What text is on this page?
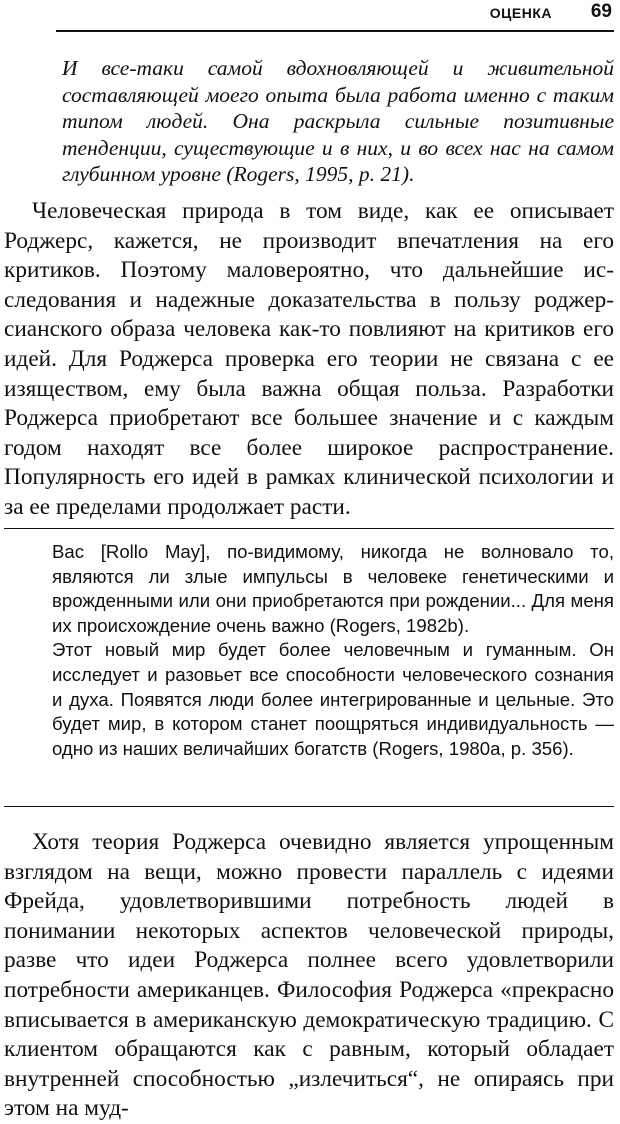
ОЦЕНКА 69

И все-таки самой вдохновляющей и живительной составляющей моего опыта была работа именно с таким типом людей. Она раскрыла сильные позитивные тенденции, существующие и в них, и во всех нас на самом глубинном уровне (Rogers, 1995, p. 21).

Человеческая природа в том виде, как ее описывает Роджерс, кажется, не производит впечатления на его критиков. Поэтому маловероятно, что дальнейшие исследования и надежные доказательства в пользу роджерсианского образа человека как-то повлияют на критиков его идей. Для Роджерса проверка его теории не связана с ее изяществом, ему была важна общая польза. Разработки Роджерса приобретают все большее значение и с каждым годом находят все более широкое распространение. Популярность его идей в рамках клинической психологии и за ее пределами продолжает расти.

Вас [Rollo May], по-видимому, никогда не волновало то, являются ли злые импульсы в человеке генетическими и врожденными или они приобретаются при рождении... Для меня их происхождение очень важно (Rogers, 1982b).

Этот новый мир будет более человечным и гуманным. Он исследует и разовьет все способности человеческого сознания и духа. Появятся люди более интегрированные и цельные. Это будет мир, в котором станет поощряться индивидуальность — одно из наших величайших богатств (Rogers, 1980a, p. 356).

Хотя теория Роджерса очевидно является упрощенным взглядом на вещи, можно провести параллель с идеями Фрейда, удовлетворившими потребность людей в понимании некоторых аспектов человеческой природы, разве что идеи Роджерса полнее всего удовлетворили потребности американцев. Философия Роджерса «прекрасно вписывается в американскую демократическую традицию. С клиентом обращаются как с равным, который обладает внутренней способностью „излечиться“, не опираясь при этом на муд-
